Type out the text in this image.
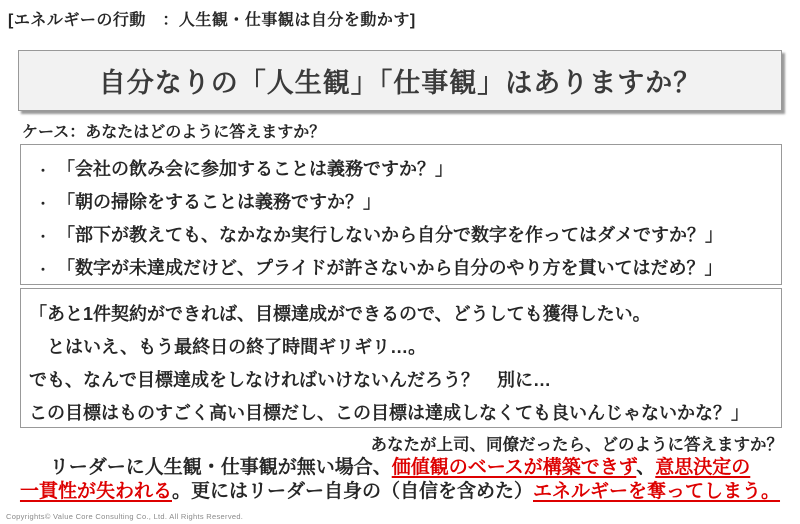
[エネルギーの行動　：人生観・仕事観は自分を動かす]
自分なりの「人生観」「仕事観」はありますか？
ケース：あなたはどのように答えますか？
・ 「会社の飲み会に参加することは義務ですか？」
・ 「朝の掃除をすることは義務ですか？」
・ 「部下が教えても、なかなか実行しないから自分で数字を作ってはダメですか？」
・ 「数字が未達成だけど、プライドが許さないから自分のやり方を貫いてはだめ？」
「あと1件契約ができれば、目標達成ができるので、どうしても獲得したい。
　とはいえ、もう最終日の終了時間ギリギリ…。
でも、なんで目標達成をしなければいけないんだろう？　別に…
この目標はものすごく高い目標だし、この目標は達成しなくても良いんじゃないかな？」
あなたが上司、同僚だったら、どのように答えますか？
リーダーに人生観・仕事観が無い場合、価値観のベースが構築できず、意思決定の
一貫性が失われる。更にはリーダー自身の（自信を含めた）エネルギーを奪ってしまう。
Copyrights© Value Core Consulting Co., Ltd. All Rights Reserved.
